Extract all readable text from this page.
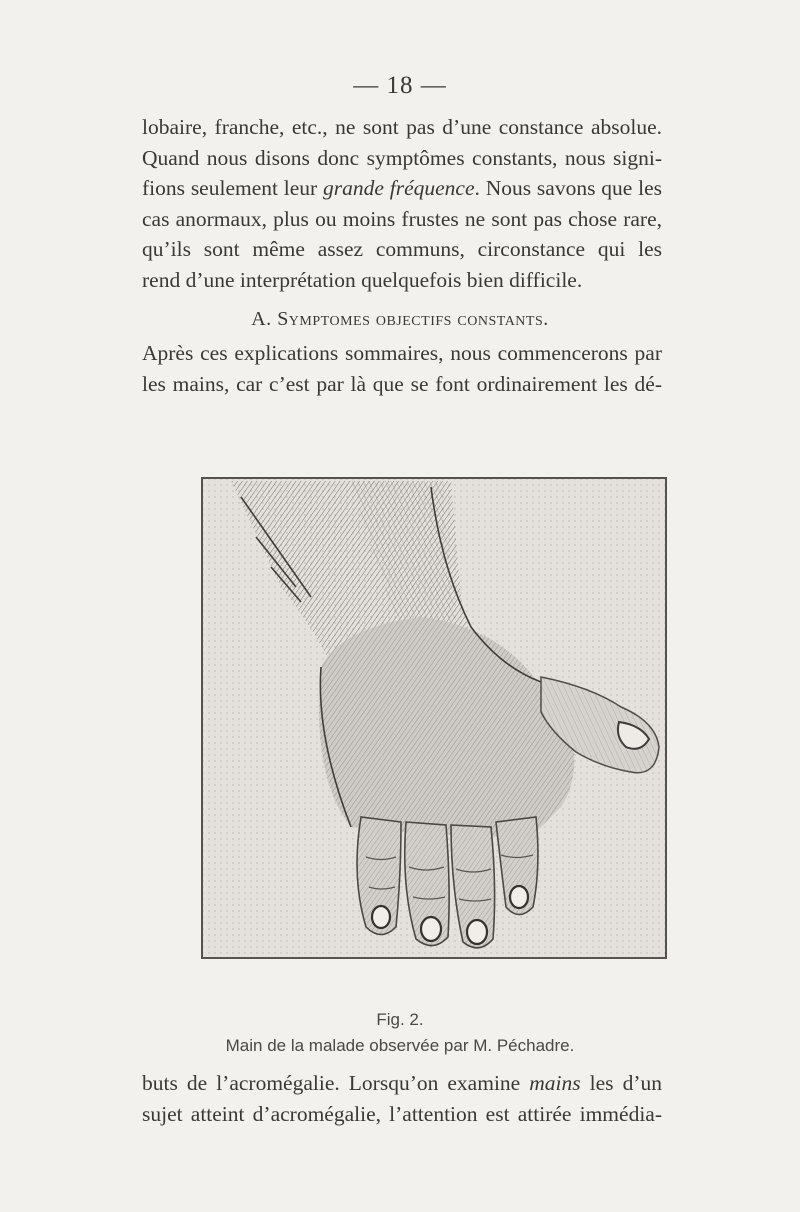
— 18 —
lobaire, franche, etc., ne sont pas d’une constance absolue.
Quand nous disons donc symptômes constants, nous signi-
fions seulement leur grande fréquence. Nous savons que les
cas anormaux, plus ou moins frustes ne sont pas chose rare,
qu’ils sont même assez communs, circonstance qui les
rend d’une interprétation quelquefois bien difficile.
A. Symptomes objectifs constants.
Après ces explications sommaires, nous commencerons par
les mains, car c’est par là que se font ordinairement les dé-
Fig. 2.
Main de la malade observée par M. Péchadre.
buts de l’acromégalie. Lorsqu’on examine mains les d’un
sujet atteint d’acromégalie, l’attention est attirée immédia-
